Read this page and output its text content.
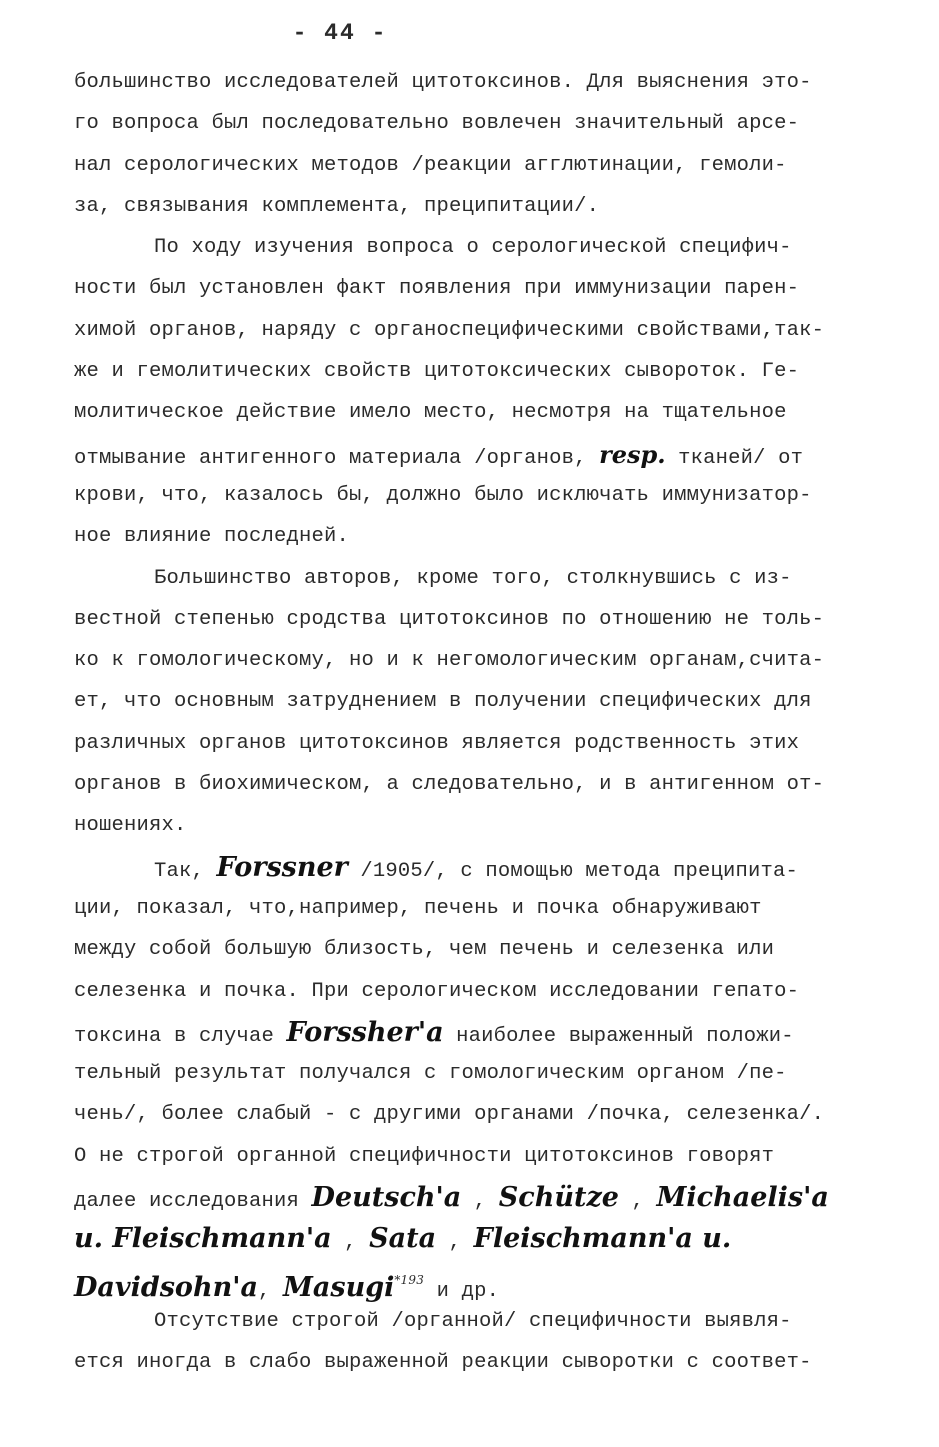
- 44 -
большинство исследователей цитотоксинов. Для выяснения это-
го вопроса был последовательно вовлечен значительный арсе-
нал серологических методов /реакции агглютинации, гемоли-
за, связывания комплемента, преципитации/.
По ходу изучения вопроса о серологической специфич-
ности был установлен факт появления при иммунизации парен-
химой органов, наряду с органоспецифическими свойствами,так-
же и гемолитических свойств цитотоксических сывороток. Ге-
молитическое действие имело место, несмотря на тщательное
отмывание антигенного материала /органов, resp. тканей/ от
крови, что, казалось бы, должно было исключать иммунизатор-
ное влияние последней.
Большинство авторов, кроме того, столкнувшись с из-
вестной степенью сродства цитотоксинов по отношению не толь-
ко к гомологическому, но и к негомологическим органам,счита-
ет, что основным затруднением в получении специфических для
различных органов цитотоксинов является родственность этих
органов в биохимическом, а следовательно, и в антигенном от-
ношениях.
Так, Forssner /1905/, с помощью метода преципита-
ции, показал, что,например, печень и почка обнаруживают
между собой большую близость, чем печень и селезенка или
селезенка и почка. При серологическом исследовании гепато-
токсина в случае Forssher'a наиболее выраженный положи-
тельный результат получался с гомологическим органом /пе-
чень/, более слабый - с другими органами /почка, селезенка/.
О не строгой органной специфичности цитотоксинов говорят
далее исследования Deutsch'a , Schütze , Michaelis'a
u. Fleischmann'a , Sata , Fleischmann'a u.
Davidsohn'a, Masugi$^{*193}$ и др.
Отсутствие строгой /органной/ специфичности выявля-
ется иногда в слабо выраженной реакции сыворотки с соответ-
